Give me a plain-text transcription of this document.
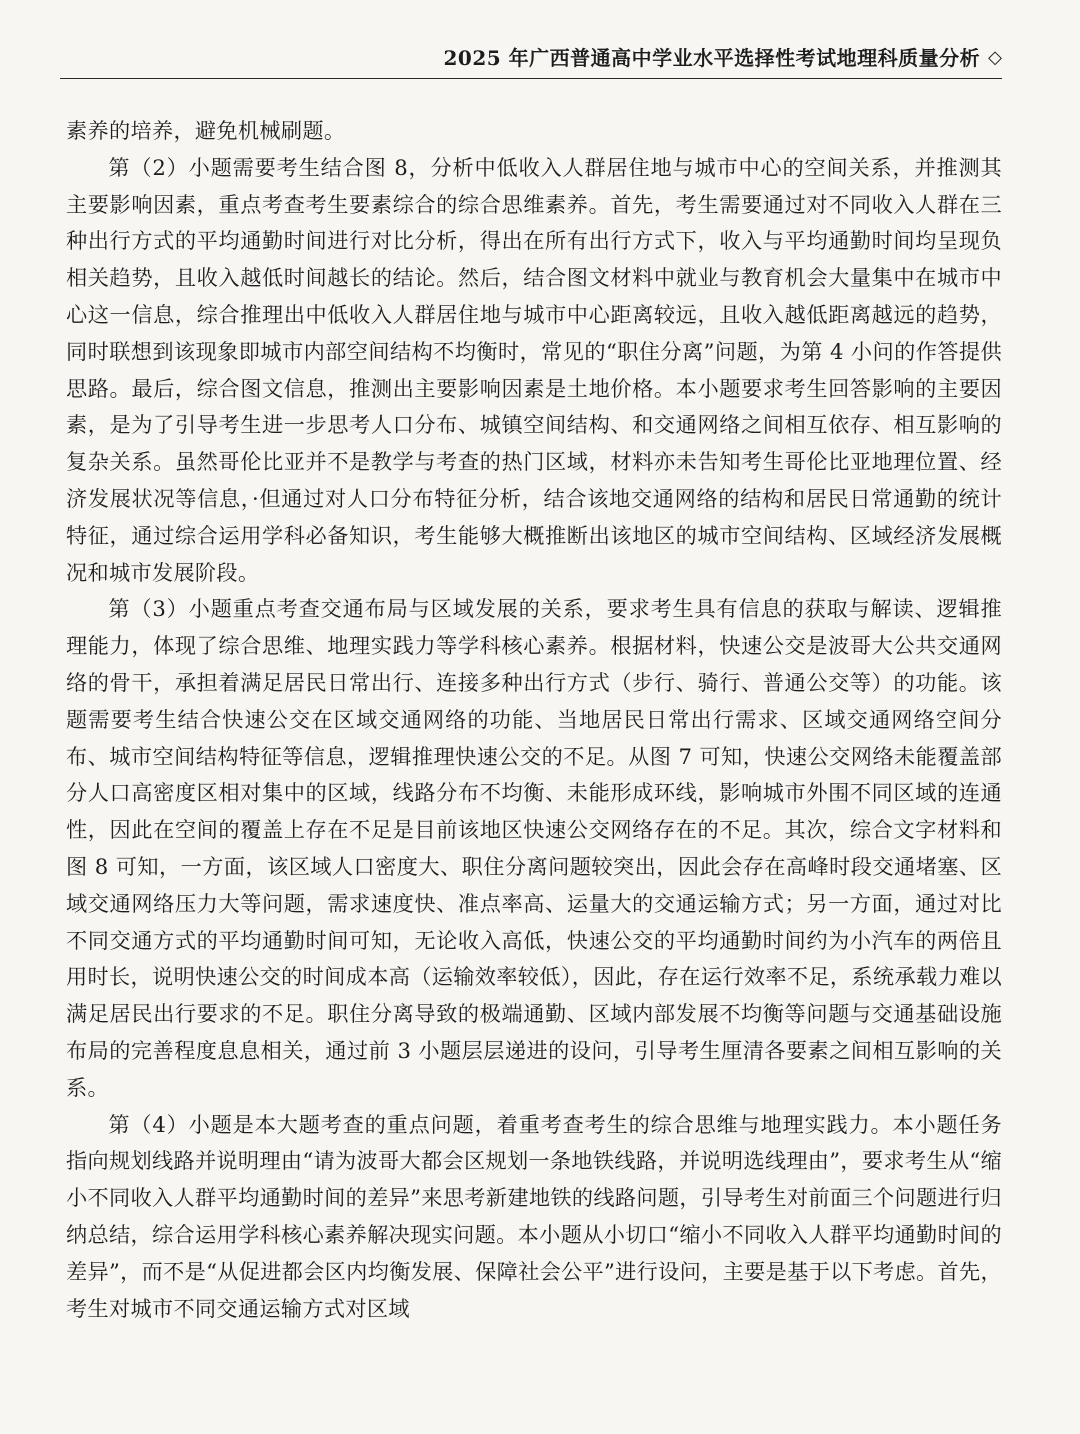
2025 年广西普通高中学业水平选择性考试地理科质量分析 ◇

素养的培养，避免机械刷题。

第（2）小题需要考生结合图 8，分析中低收入人群居住地与城市中心的空间关系，并推测其主要影响因素，重点考查考生要素综合的综合思维素养。首先，考生需要通过对不同收入人群在三种出行方式的平均通勤时间进行对比分析，得出在所有出行方式下，收入与平均通勤时间均呈现负相关趋势，且收入越低时间越长的结论。然后，结合图文材料中就业与教育机会大量集中在城市中心这一信息，综合推理出中低收入人群居住地与城市中心距离较远，且收入越低距离越远的趋势，同时联想到该现象即城市内部空间结构不均衡时，常见的“职住分离”问题，为第 4 小问的作答提供思路。最后，综合图文信息，推测出主要影响因素是土地价格。本小题要求考生回答影响的主要因素，是为了引导考生进一步思考人口分布、城镇空间结构、和交通网络之间相互依存、相互影响的复杂关系。虽然哥伦比亚并不是教学与考查的热门区域，材料亦未告知考生哥伦比亚地理位置、经济发展状况等信息，·但通过对人口分布特征分析，结合该地交通网络的结构和居民日常通勤的统计特征，通过综合运用学科必备知识，考生能够大概推断出该地区的城市空间结构、区域经济发展概况和城市发展阶段。

第（3）小题重点考查交通布局与区域发展的关系，要求考生具有信息的获取与解读、逻辑推理能力，体现了综合思维、地理实践力等学科核心素养。根据材料，快速公交是波哥大公共交通网络的骨干，承担着满足居民日常出行、连接多种出行方式（步行、骑行、普通公交等）的功能。该题需要考生结合快速公交在区域交通网络的功能、当地居民日常出行需求、区域交通网络空间分布、城市空间结构特征等信息，逻辑推理快速公交的不足。从图 7 可知，快速公交网络未能覆盖部分人口高密度区相对集中的区域，线路分布不均衡、未能形成环线，影响城市外围不同区域的连通性，因此在空间的覆盖上存在不足是目前该地区快速公交网络存在的不足。其次，综合文字材料和图 8 可知，一方面，该区域人口密度大、职住分离问题较突出，因此会存在高峰时段交通堵塞、区域交通网络压力大等问题，需求速度快、准点率高、运量大的交通运输方式；另一方面，通过对比不同交通方式的平均通勤时间可知，无论收入高低，快速公交的平均通勤时间约为小汽车的两倍且用时长，说明快速公交的时间成本高（运输效率较低），因此，存在运行效率不足，系统承载力难以满足居民出行要求的不足。职住分离导致的极端通勤、区域内部发展不均衡等问题与交通基础设施布局的完善程度息息相关，通过前 3 小题层层递进的设问，引导考生厘清各要素之间相互影响的关系。

第（4）小题是本大题考查的重点问题，着重考查考生的综合思维与地理实践力。本小题任务指向规划线路并说明理由“请为波哥大都会区规划一条地铁线路，并说明选线理由”，要求考生从“缩小不同收入人群平均通勤时间的差异”来思考新建地铁的线路问题，引导考生对前面三个问题进行归纳总结，综合运用学科核心素养解决现实问题。本小题从小切口“缩小不同收入人群平均通勤时间的差异”，而不是“从促进都会区内均衡发展、保障社会公平”进行设问，主要是基于以下考虑。首先，考生对城市不同交通运输方式对区域
